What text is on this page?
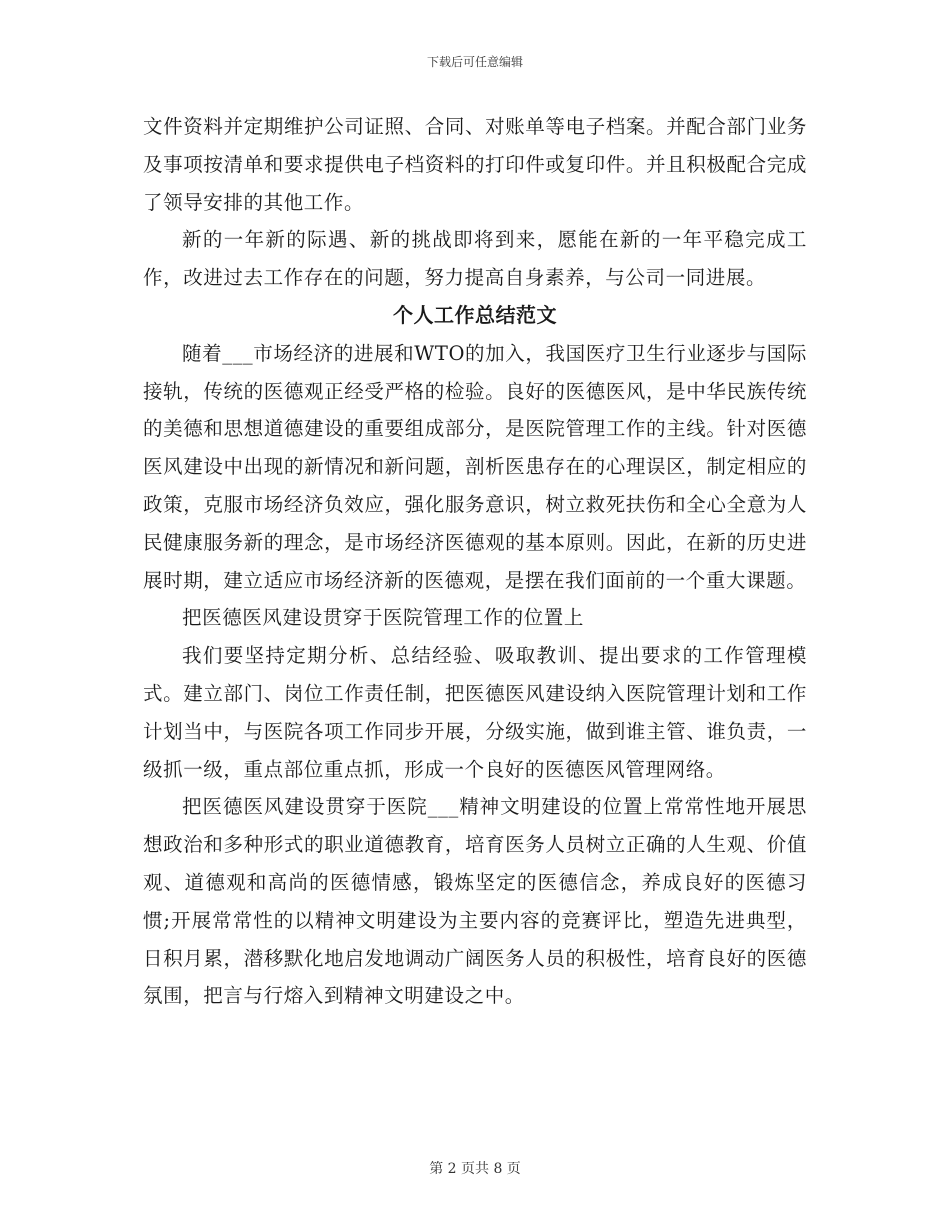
下载后可任意编辑

文件资料并定期维护公司证照、合同、对账单等电子档案。并配合部门业务及事项按清单和要求提供电子档资料的打印件或复印件。并且积极配合完成了领导安排的其他工作。

新的一年新的际遇、新的挑战即将到来，愿能在新的一年平稳完成工作，改进过去工作存在的问题，努力提高自身素养，与公司一同进展。

个人工作总结范文

随着___市场经济的进展和WTO的加入，我国医疗卫生行业逐步与国际接轨，传统的医德观正经受严格的检验。良好的医德医风，是中华民族传统的美德和思想道德建设的重要组成部分，是医院管理工作的主线。针对医德医风建设中出现的新情况和新问题，剖析医患存在的心理误区，制定相应的政策，克服市场经济负效应，强化服务意识，树立救死扶伤和全心全意为人民健康服务新的理念，是市场经济医德观的基本原则。因此，在新的历史进展时期，建立适应市场经济新的医德观，是摆在我们面前的一个重大课题。

把医德医风建设贯穿于医院管理工作的位置上

我们要坚持定期分析、总结经验、吸取教训、提出要求的工作管理模式。建立部门、岗位工作责任制，把医德医风建设纳入医院管理计划和工作计划当中，与医院各项工作同步开展，分级实施，做到谁主管、谁负责，一级抓一级，重点部位重点抓，形成一个良好的医德医风管理网络。

把医德医风建设贯穿于医院___精神文明建设的位置上常常性地开展思想政治和多种形式的职业道德教育，培育医务人员树立正确的人生观、价值观、道德观和高尚的医德情感，锻炼坚定的医德信念，养成良好的医德习惯;开展常常性的以精神文明建设为主要内容的竞赛评比，塑造先进典型，日积月累，潜移默化地启发地调动广阔医务人员的积极性，培育良好的医德氛围，把言与行熔入到精神文明建设之中。

第 2 页共 8 页
